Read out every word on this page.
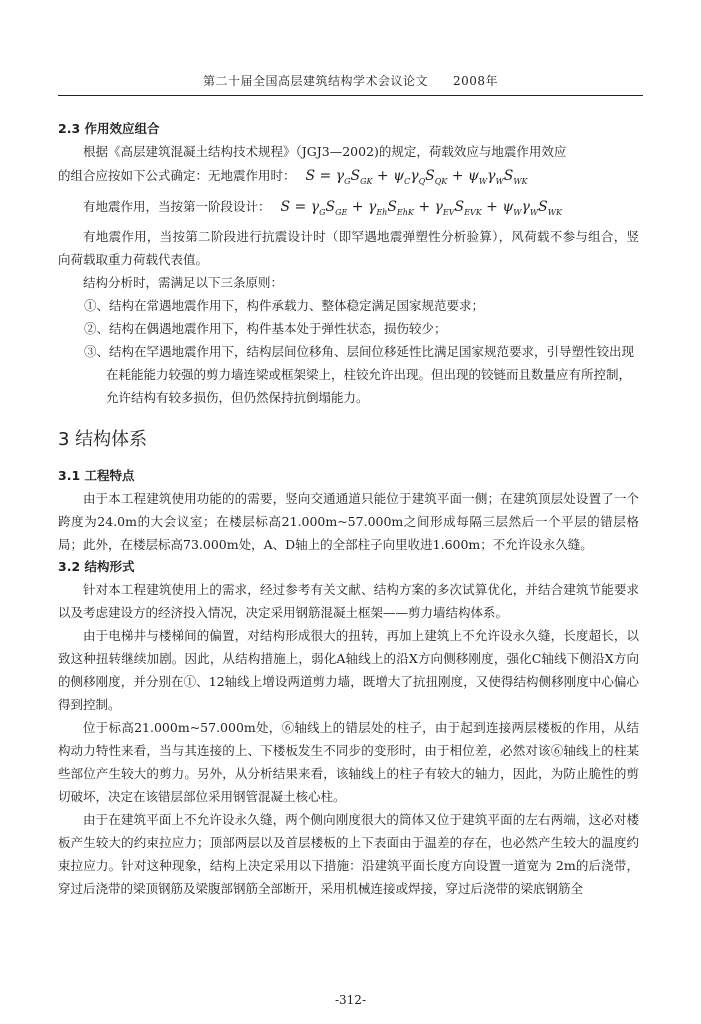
第二十届全国高层建筑结构学术会议论文　　2008年
2.3 作用效应组合

根据《高层建筑混凝土结构技术规程》（JGJ3—2002)的规定，荷载效应与地震作用效应

的组合应按如下公式确定：无地震作用时： $S = \gamma_GS_{GK} + \psi_C\gamma_QS_{QK} + \psi_W\gamma_WS_{WK}$

有地震作用，当按第一阶段设计： $S = \gamma_GS_{GE} + \gamma_{Eh}S_{EhK} + \gamma_{EV}S_{EVK} + \psi_W\gamma_WS_{WK}$

有地震作用，当按第二阶段进行抗震设计时（即罕遇地震弹塑性分析验算），风荷载不参与组合，竖向荷载取重力荷载代表值。

结构分析时，需满足以下三条原则：

①、结构在常遇地震作用下，构件承载力、整体稳定满足国家规范要求；

②、结构在偶遇地震作用下，构件基本处于弹性状态，损伤较少；

③、结构在罕遇地震作用下，结构层间位移角、层间位移延性比满足国家规范要求，引导塑性铰出现在耗能能力较强的剪力墙连梁或框架梁上，柱铰允许出现。但出现的铰链而且数量应有所控制，允许结构有较多损伤，但仍然保持抗倒塌能力。

3 结构体系
3.1 工程特点

由于本工程建筑使用功能的的需要，竖向交通通道只能位于建筑平面一侧；在建筑顶层处设置了一个跨度为24.0m的大会议室；在楼层标高21.000m~57.000m之间形成每隔三层然后一个平层的错层格局；此外，在楼层标高73.000m处，A、D轴上的全部柱子向里收进1.600m；不允许设永久缝。

3.2 结构形式

针对本工程建筑使用上的需求，经过参考有关文献、结构方案的多次试算优化，并结合建筑节能要求以及考虑建设方的经济投入情况，决定采用钢筋混凝土框架——剪力墙结构体系。

由于电梯井与楼梯间的偏置，对结构形成很大的扭转，再加上建筑上不允许设永久缝，长度超长，以致这种扭转继续加剧。因此，从结构措施上，弱化A轴线上的沿X方向侧移刚度，强化C轴线下侧沿X方向的侧移刚度，并分别在①、12轴线上增设两道剪力墙，既增大了抗扭刚度，又使得结构侧移刚度中心偏心得到控制。

位于标高21.000m~57.000m处，⑥轴线上的错层处的柱子，由于起到连接两层楼板的作用，从结构动力特性来看，当与其连接的上、下楼板发生不同步的变形时，由于相位差，必然对该⑥轴线上的柱某些部位产生较大的剪力。另外，从分析结果来看，该轴线上的柱子有较大的轴力，因此，为防止脆性的剪切破坏，决定在该错层部位采用钢管混凝土核心柱。

由于在建筑平面上不允许设永久缝，两个侧向刚度很大的筒体又位于建筑平面的左右两端，这必对楼板产生较大的约束拉应力；顶部两层以及首层楼板的上下表面由于温差的存在，也必然产生较大的温度约束拉应力。针对这种现象，结构上决定采用以下措施：沿建筑平面长度方向设置一道宽为 2m的后浇带，穿过后浇带的梁顶钢筋及梁腹部钢筋全部断开，采用机械连接或焊接，穿过后浇带的梁底钢筋全

-312-
